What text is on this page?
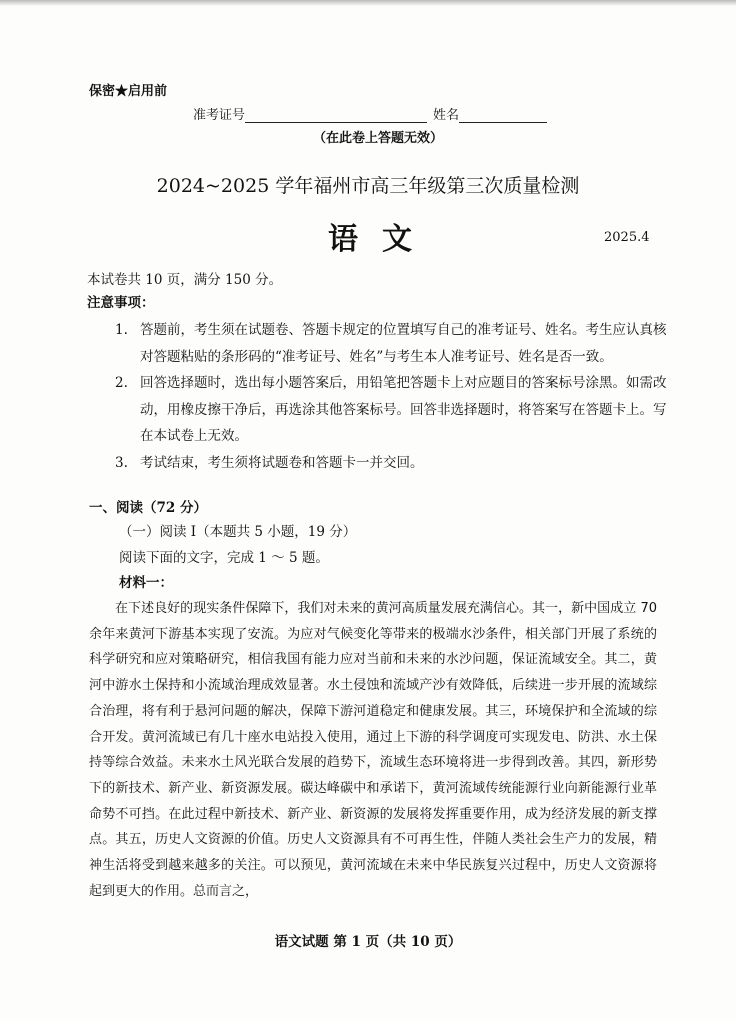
保密★启用前
准考证号	姓名
（在此卷上答题无效）
2024~2025 学年福州市高三年级第三次质量检测
语文	2025.4
本试卷共 10 页，满分 150 分。
注意事项：
1. 答题前，考生须在试题卷、答题卡规定的位置填写自己的准考证号、姓名。考生应认真核对答题粘贴的条形码的“准考证号、姓名”与考生本人准考证号、姓名是否一致。
2. 回答选择题时，选出每小题答案后，用铅笔把答题卡上对应题目的答案标号涂黑。如需改动，用橡皮擦干净后，再选涂其他答案标号。回答非选择题时，将答案写在答题卡上。写在本试卷上无效。
3. 考试结束，考生须将试题卷和答题卡一并交回。
一、阅读（72 分）
（一）阅读 I（本题共 5 小题，19 分）
阅读下面的文字，完成 1 ～ 5 题。
材料一：
在下述良好的现实条件保障下，我们对未来的黄河高质量发展充满信心。其一，新中国成立 70 余年来黄河下游基本实现了安流。为应对气候变化等带来的极端水沙条件，相关部门开展了系统的科学研究和应对策略研究，相信我国有能力应对当前和未来的水沙问题，保证流域安全。其二，黄河中游水土保持和小流域治理成效显著。水土侵蚀和流域产沙有效降低，后续进一步开展的流域综合治理，将有利于悬河问题的解决，保障下游河道稳定和健康发展。其三，环境保护和全流域的综合开发。黄河流域已有几十座水电站投入使用，通过上下游的科学调度可实现发电、防洪、水土保持等综合效益。未来水土风光联合发展的趋势下，流域生态环境将进一步得到改善。其四，新形势下的新技术、新产业、新资源发展。碳达峰碳中和承诺下，黄河流域传统能源行业向新能源行业革命势不可挡。在此过程中新技术、新产业、新资源的发展将发挥重要作用，成为经济发展的新支撑点。其五，历史人文资源的价值。历史人文资源具有不可再生性，伴随人类社会生产力的发展，精神生活将受到越来越多的关注。可以预见，黄河流域在未来中华民族复兴过程中，历史人文资源将起到更大的作用。总而言之，
语文试题 第 1 页（共 10 页）
